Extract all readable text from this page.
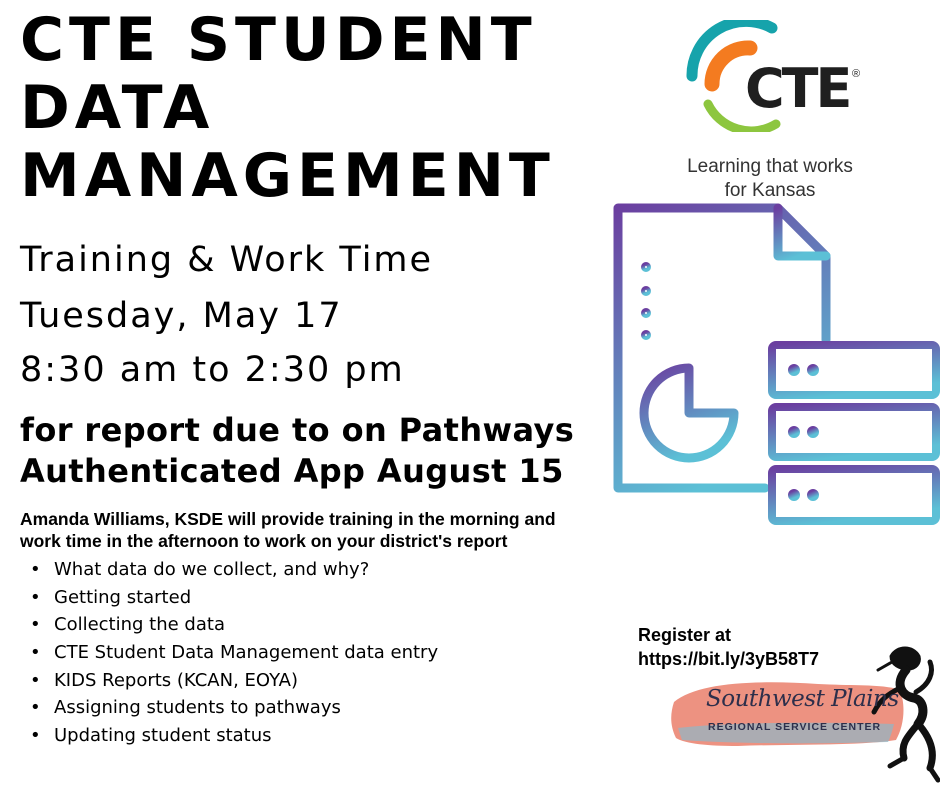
CTE STUDENT
DATA
MANAGEMENT

Training & Work Time

Tuesday, May 17

8:30 am to 2:30 pm

for report due to on Pathways
Authenticated App August 15

Amanda Williams, KSDE will provide training in the morning and
work time in the afternoon to work on your district's report

• What data do we collect, and why?
• Getting started
• Collecting the data
• CTE Student Data Management data entry
• KIDS Reports (KCAN, EOYA)
• Assigning students to pathways
• Updating student status
CTE ®

Learning that works
for Kansas

Register at
https://bit.ly/3yB58T7

Southwest Plains
REGIONAL SERVICE CENTER
